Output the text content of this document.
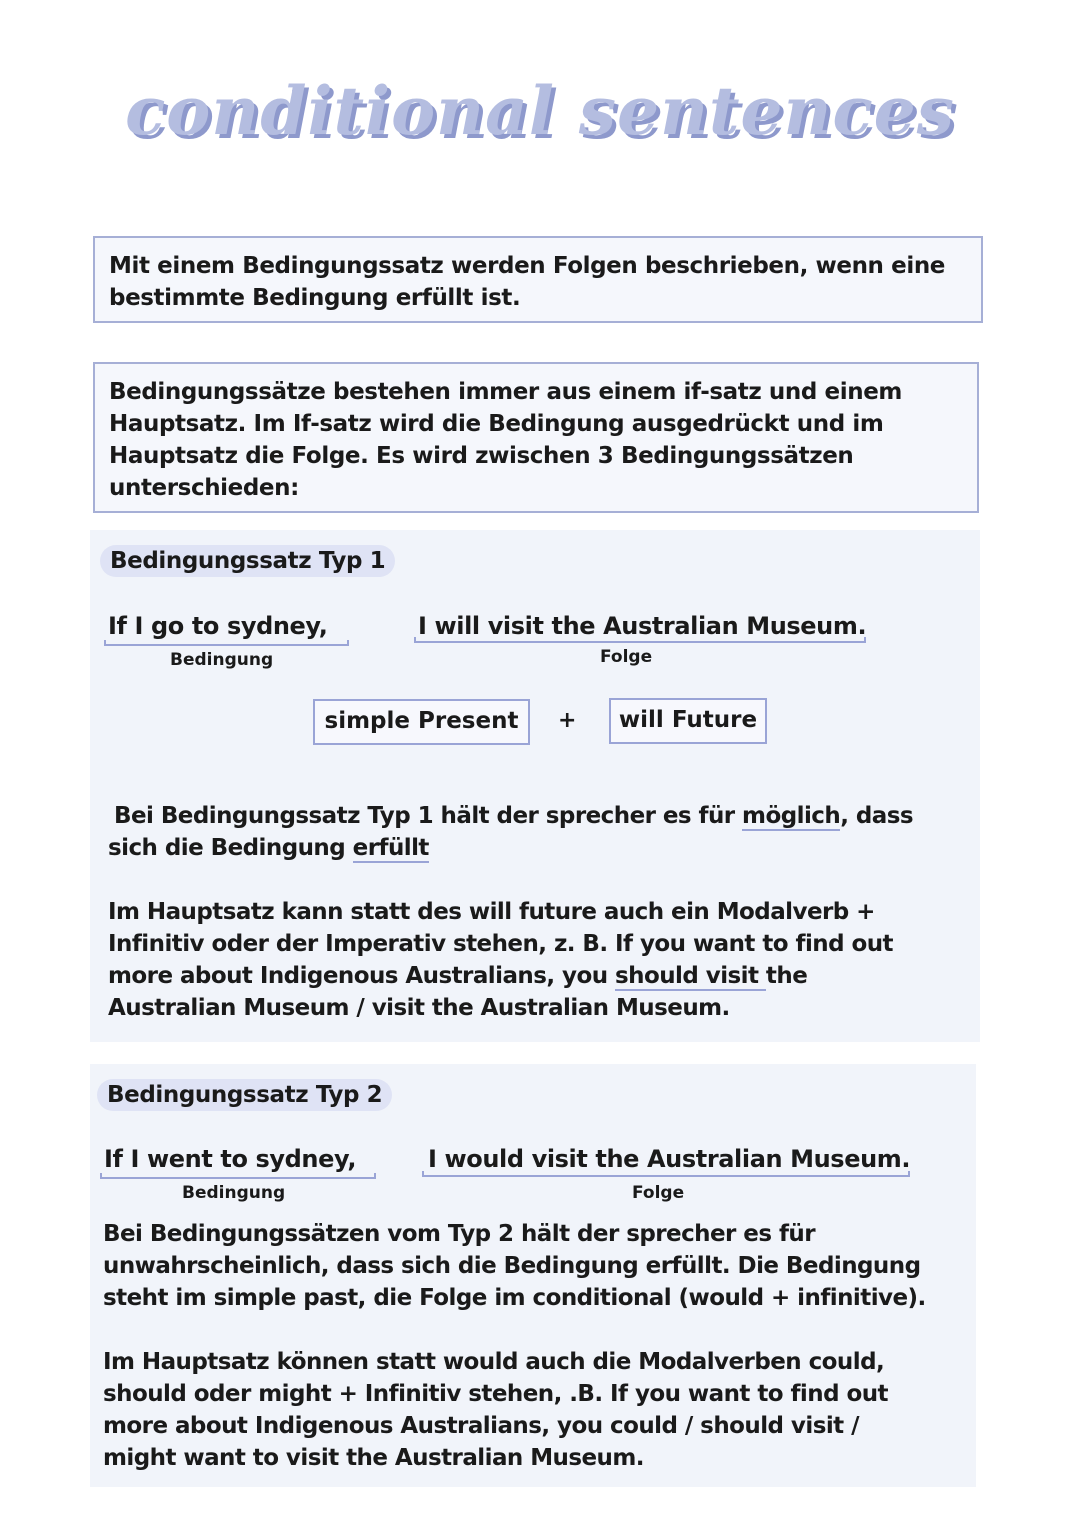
conditional sentences
Mit einem Bedingungssatz werden Folgen beschrieben, wenn eine
bestimmte Bedingung erfüllt ist.
Bedingungssätze bestehen immer aus einem if-satz und einem
Hauptsatz. Im If-satz wird die Bedingung ausgedrückt und im
Hauptsatz die Folge. Es wird zwischen 3 Bedingungssätzen
unterschieden:
Bedingungssatz Typ 1
If I go to sydney,
Bedingung
I will visit the Australian Museum.
Folge
simple Present	+	will Future
Bei Bedingungssatz Typ 1 hält der sprecher es für möglich, dass
sich die Bedingung erfüllt
Im Hauptsatz kann statt des will future auch ein Modalverb +
Infinitiv oder der Imperativ stehen, z. B. If you want to find out
more about Indigenous Australians, you should visit the
Australian Museum / visit the Australian Museum.
Bedingungssatz Typ 2
If I went to sydney,
Bedingung
I would visit the Australian Museum.
Folge
Bei Bedingungssätzen vom Typ 2 hält der sprecher es für
unwahrscheinlich, dass sich die Bedingung erfüllt. Die Bedingung
steht im simple past, die Folge im conditional (would + infinitive).
Im Hauptsatz können statt would auch die Modalverben could,
should oder might + Infinitiv stehen, .B. If you want to find out
more about Indigenous Australians, you could / should visit /
might want to visit the Australian Museum.
